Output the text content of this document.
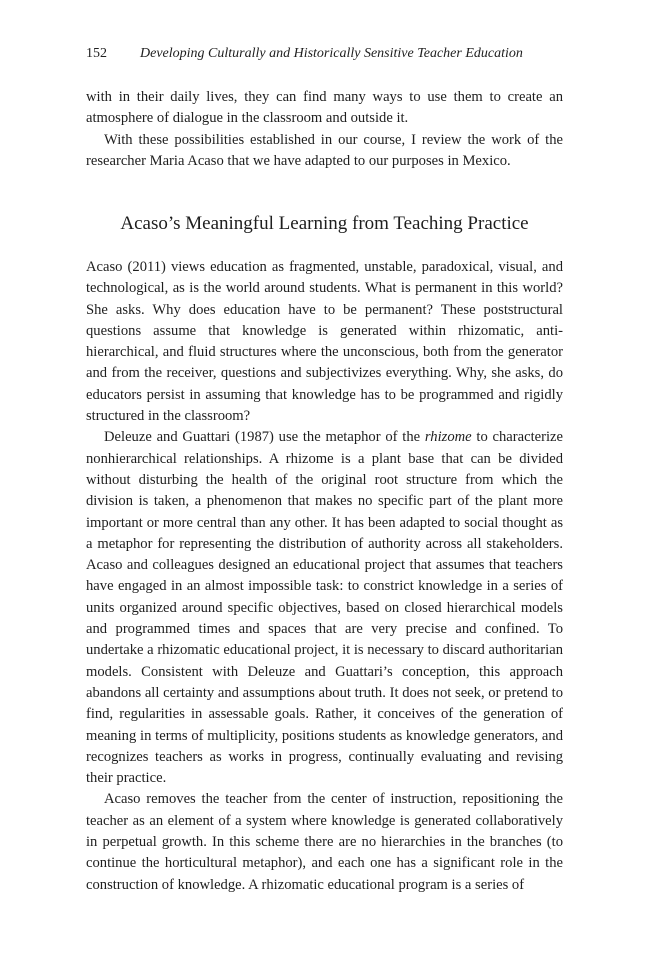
152 Developing Culturally and Historically Sensitive Teacher Education

with in their daily lives, they can find many ways to use them to create an atmosphere of dialogue in the classroom and outside it.

With these possibilities established in our course, I review the work of the researcher Maria Acaso that we have adapted to our purposes in Mexico.

Acaso’s Meaningful Learning from Teaching Practice

Acaso (2011) views education as fragmented, unstable, paradoxical, visual, and technological, as is the world around students. What is permanent in this world? She asks. Why does education have to be permanent? These poststructural questions assume that knowledge is generated within rhizomatic, anti-hierarchical, and fluid structures where the unconscious, both from the generator and from the receiver, questions and subjectivizes everything. Why, she asks, do educators persist in assuming that knowledge has to be programmed and rigidly structured in the classroom?

Deleuze and Guattari (1987) use the metaphor of the rhizome to characterize nonhierarchical relationships. A rhizome is a plant base that can be divided without disturbing the health of the original root structure from which the division is taken, a phenomenon that makes no specific part of the plant more important or more central than any other. It has been adapted to social thought as a metaphor for representing the distribution of authority across all stakeholders. Acaso and colleagues designed an educational project that assumes that teachers have engaged in an almost impossible task: to constrict knowledge in a series of units organized around specific objectives, based on closed hierarchical models and programmed times and spaces that are very precise and confined. To undertake a rhizomatic educational project, it is necessary to discard authoritarian models. Consistent with Deleuze and Guattari’s conception, this approach abandons all certainty and assumptions about truth. It does not seek, or pretend to find, regularities in assessable goals. Rather, it conceives of the generation of meaning in terms of multiplicity, positions students as knowledge generators, and recognizes teachers as works in progress, continually evaluating and revising their practice.

Acaso removes the teacher from the center of instruction, repositioning the teacher as an element of a system where knowledge is generated collaboratively in perpetual growth. In this scheme there are no hierarchies in the branches (to continue the horticultural metaphor), and each one has a significant role in the construction of knowledge. A rhizomatic educational program is a series of
